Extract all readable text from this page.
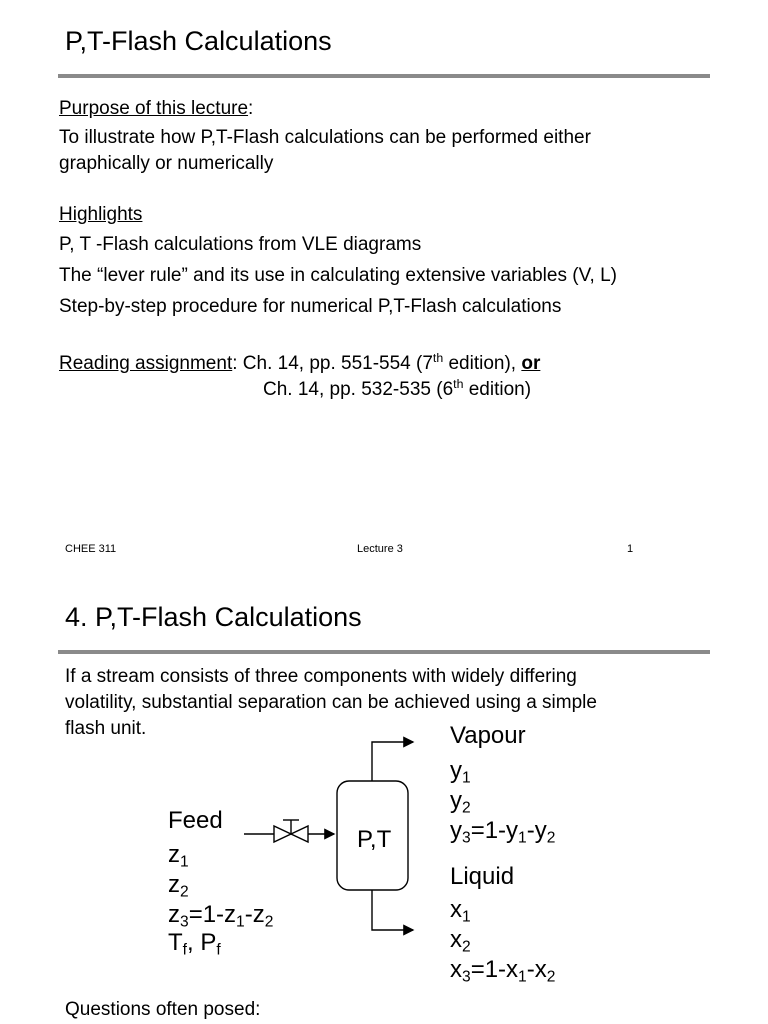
P,T-Flash Calculations
Purpose of this lecture:
To illustrate how P,T-Flash calculations can be performed either
graphically or numerically
Highlights
P, T -Flash calculations from VLE diagrams
The “lever rule” and its use in calculating extensive variables (V, L)
Step-by-step procedure for numerical P,T-Flash calculations
Reading assignment: Ch. 14, pp. 551-554 (7th edition), or
Ch. 14, pp. 532-535 (6th edition)
CHEE 311	Lecture 3	1
4. P,T-Flash Calculations
If a stream consists of three components with widely differing
volatility, substantial separation can be achieved using a simple
flash unit.
P,T
Feed
$z_1$
$z_2$
$z_3=1-z_1-z_2$
$T_f$, $P_f$
Vapour
$y_1$
$y_2$
$y_3=1-y_1-y_2$
Liquid
$x_1$
$x_2$
$x_3=1-x_1-x_2$
Questions often posed:
